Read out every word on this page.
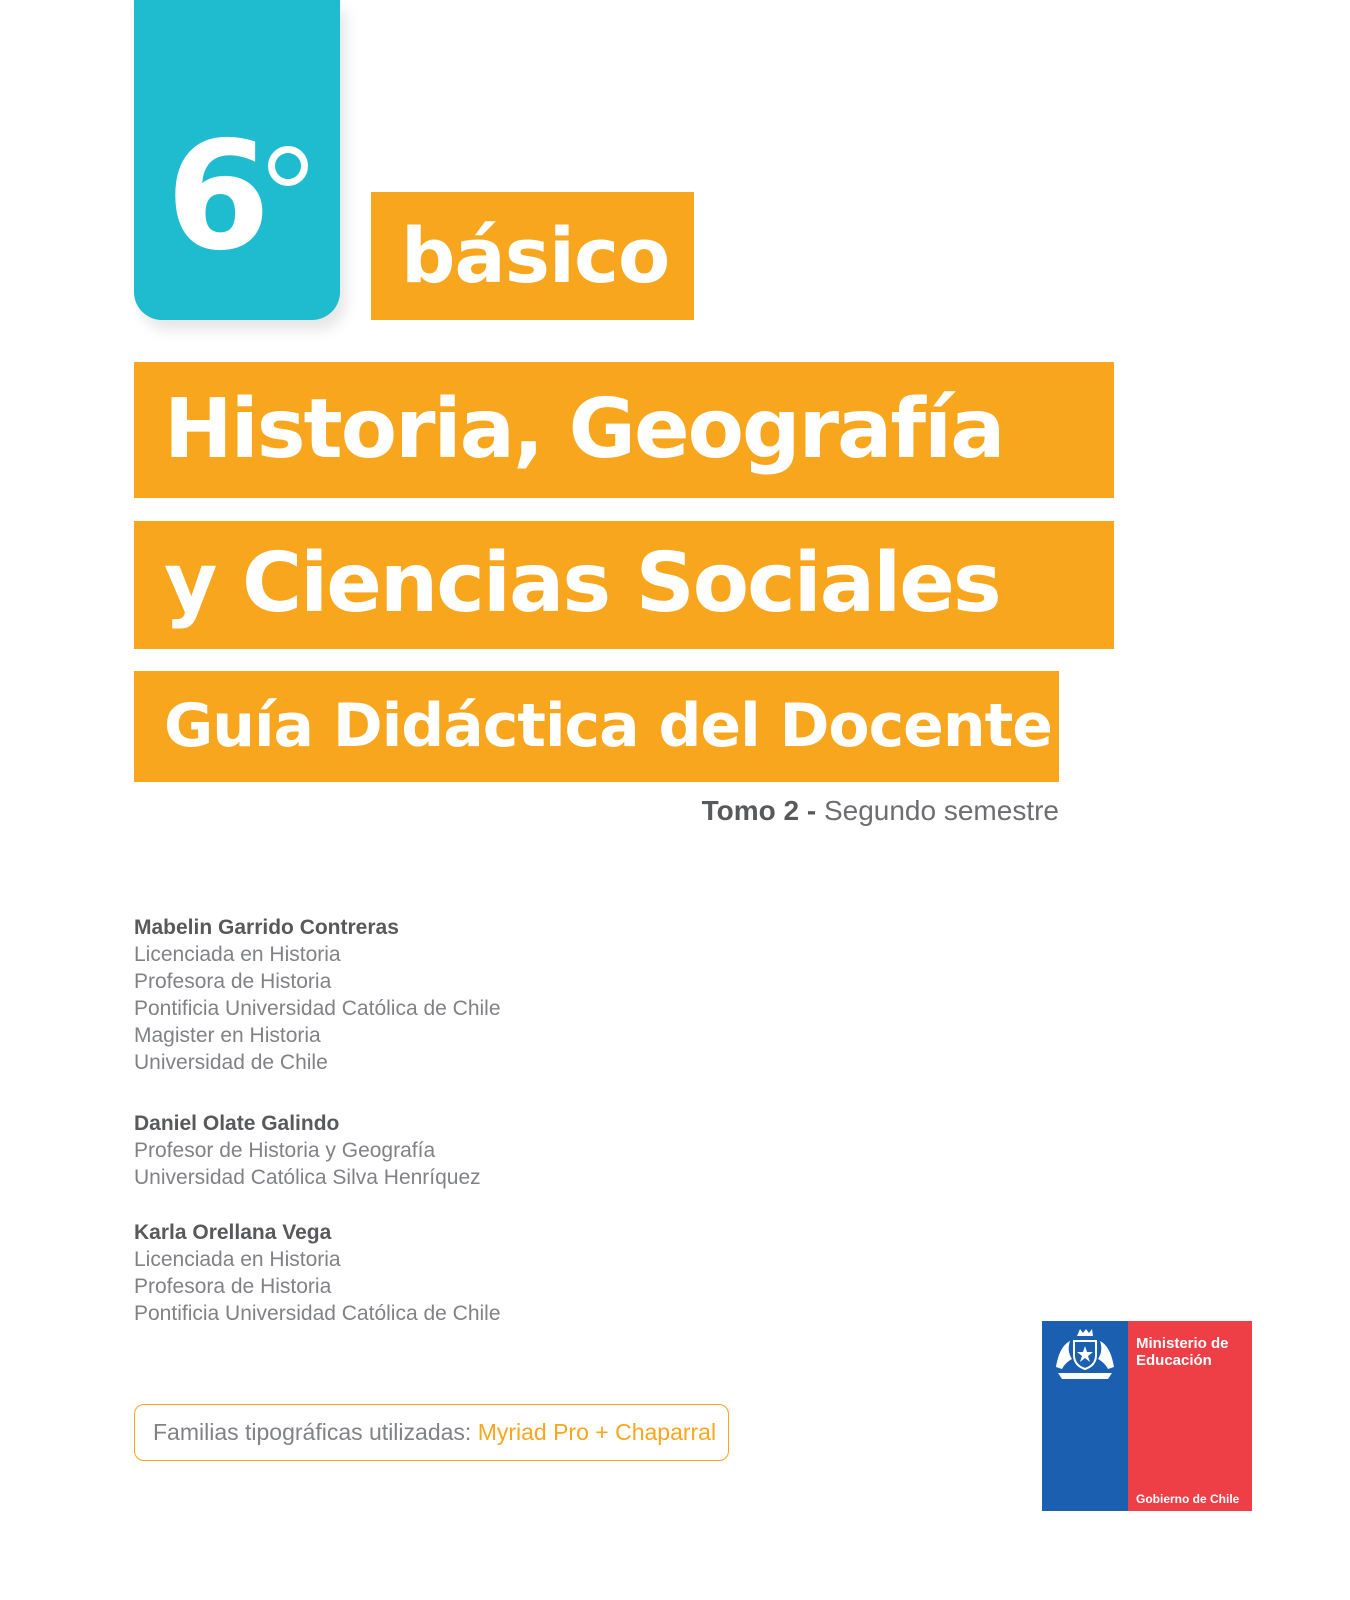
6	básico
Historia, Geografía
y Ciencias Sociales
Guía Didáctica del Docente
Tomo 2 - Segundo semestre
Mabelin Garrido Contreras
Licenciada en Historia
Profesora de Historia
Pontificia Universidad Católica de Chile
Magister en Historia
Universidad de Chile
Daniel Olate Galindo
Profesor de Historia y Geografía
Universidad Católica Silva Henríquez
Karla Orellana Vega
Licenciada en Historia
Profesora de Historia
Pontificia Universidad Católica de Chile
Familias tipográficas utilizadas: Myriad Pro + Chaparral
Ministerio de Educación
Gobierno de Chile
